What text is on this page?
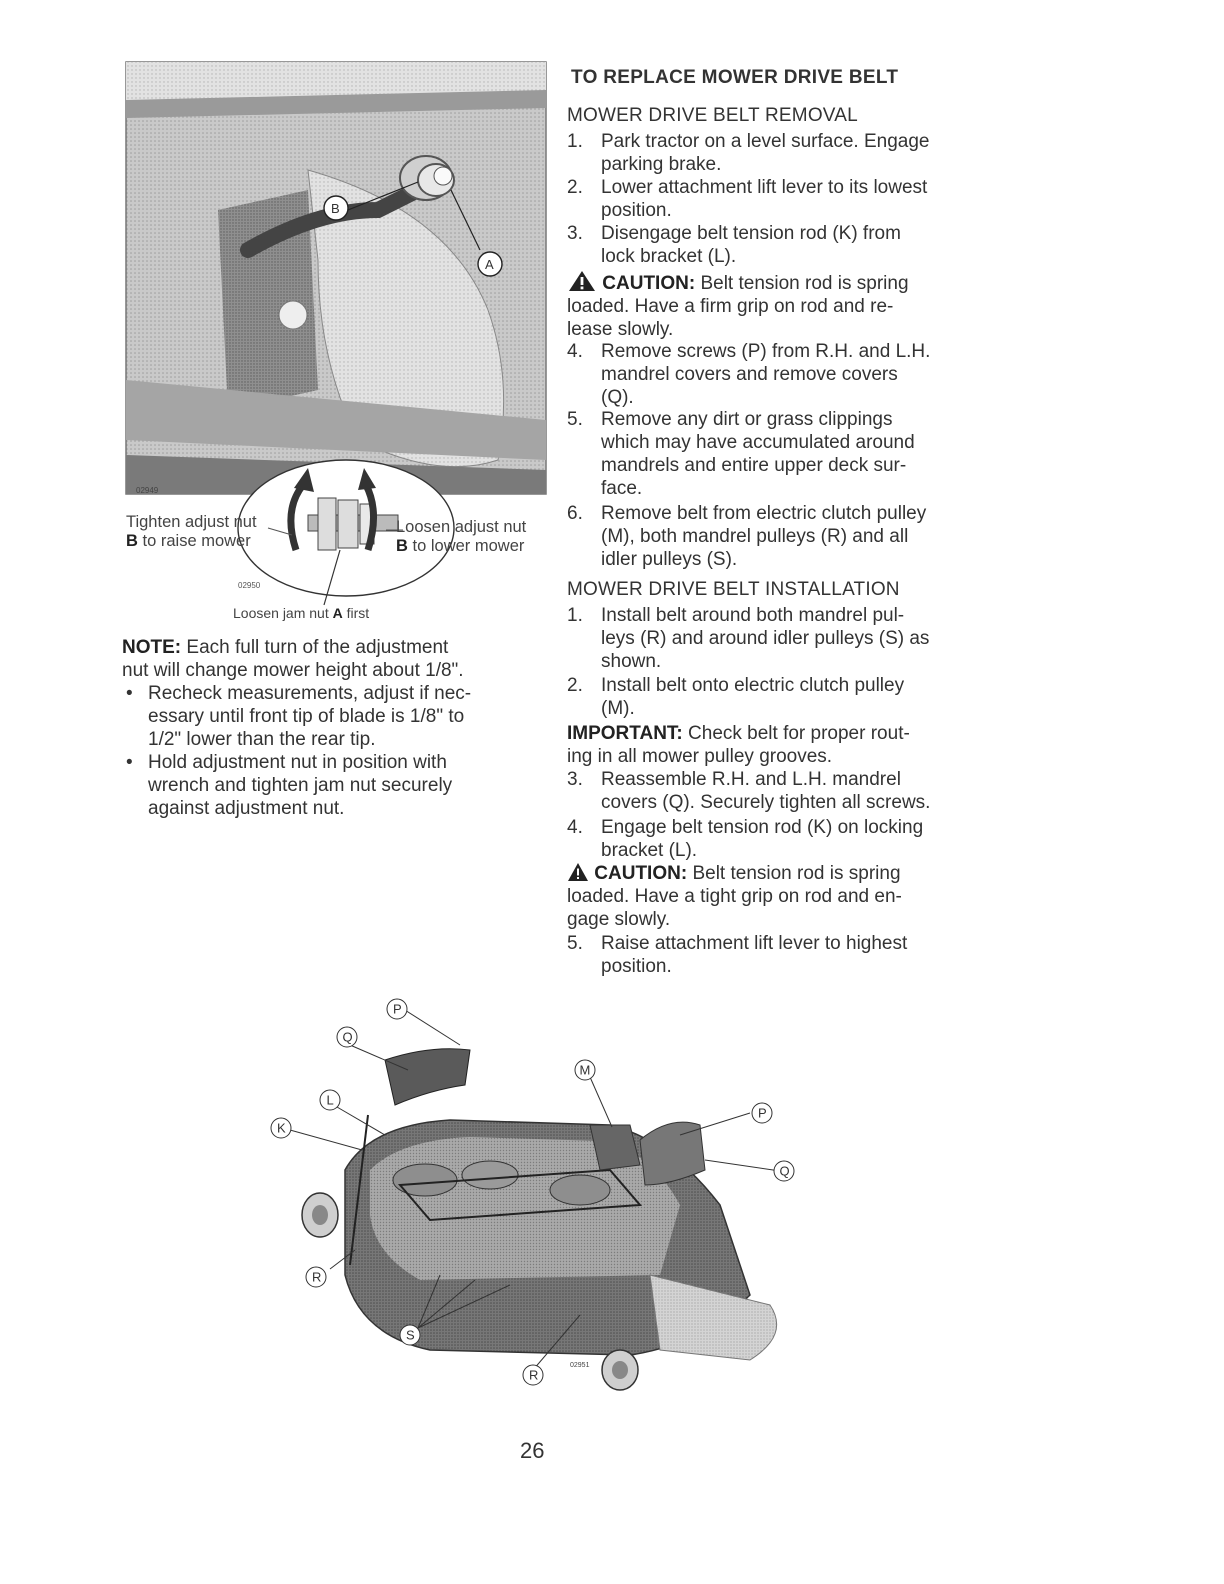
B
A
02949
02950
Tighten adjust nut
B to raise mower
Loosen adjust nut
B to lower mower
Loosen jam nut A first
NOTE: Each full turn of the adjustment
nut will change mower height about 1/8".
• Recheck measurements, adjust if nec-
essary until front tip of blade is 1/8" to
1/2" lower than the rear tip.
• Hold adjustment nut in position with
wrench and tighten jam nut securely
against adjustment nut.
TO REPLACE MOWER DRIVE BELT
MOWER DRIVE BELT REMOVAL
1. Park tractor on a level surface. Engage
parking brake.
2. Lower attachment lift lever to its lowest
position.
3. Disengage belt tension rod (K) from
lock bracket (L).
CAUTION: Belt tension rod is spring
loaded. Have a firm grip on rod and re-
lease slowly.
4. Remove screws (P) from R.H. and L.H.
mandrel covers and remove covers
(Q).
5. Remove any dirt or grass clippings
which may have accumulated around
mandrels and entire upper deck sur-
face.
6. Remove belt from electric clutch pulley
(M), both mandrel pulleys (R) and all
idler pulleys (S).
MOWER DRIVE BELT INSTALLATION
1. Install belt around both mandrel pul-
leys (R) and around idler pulleys (S) as
shown.
2. Install belt onto electric clutch pulley
(M).
IMPORTANT: Check belt for proper rout-
ing in all mower pulley grooves.
3. Reassemble R.H. and L.H. mandrel
covers (Q). Securely tighten all screws.
4. Engage belt tension rod (K) on locking
bracket (L).
CAUTION: Belt tension rod is spring
loaded. Have a tight grip on rod and en-
gage slowly.
5. Raise attachment lift lever to highest
position.
Q
P
L
K
M
P
Q
R
S
R
02951
26
